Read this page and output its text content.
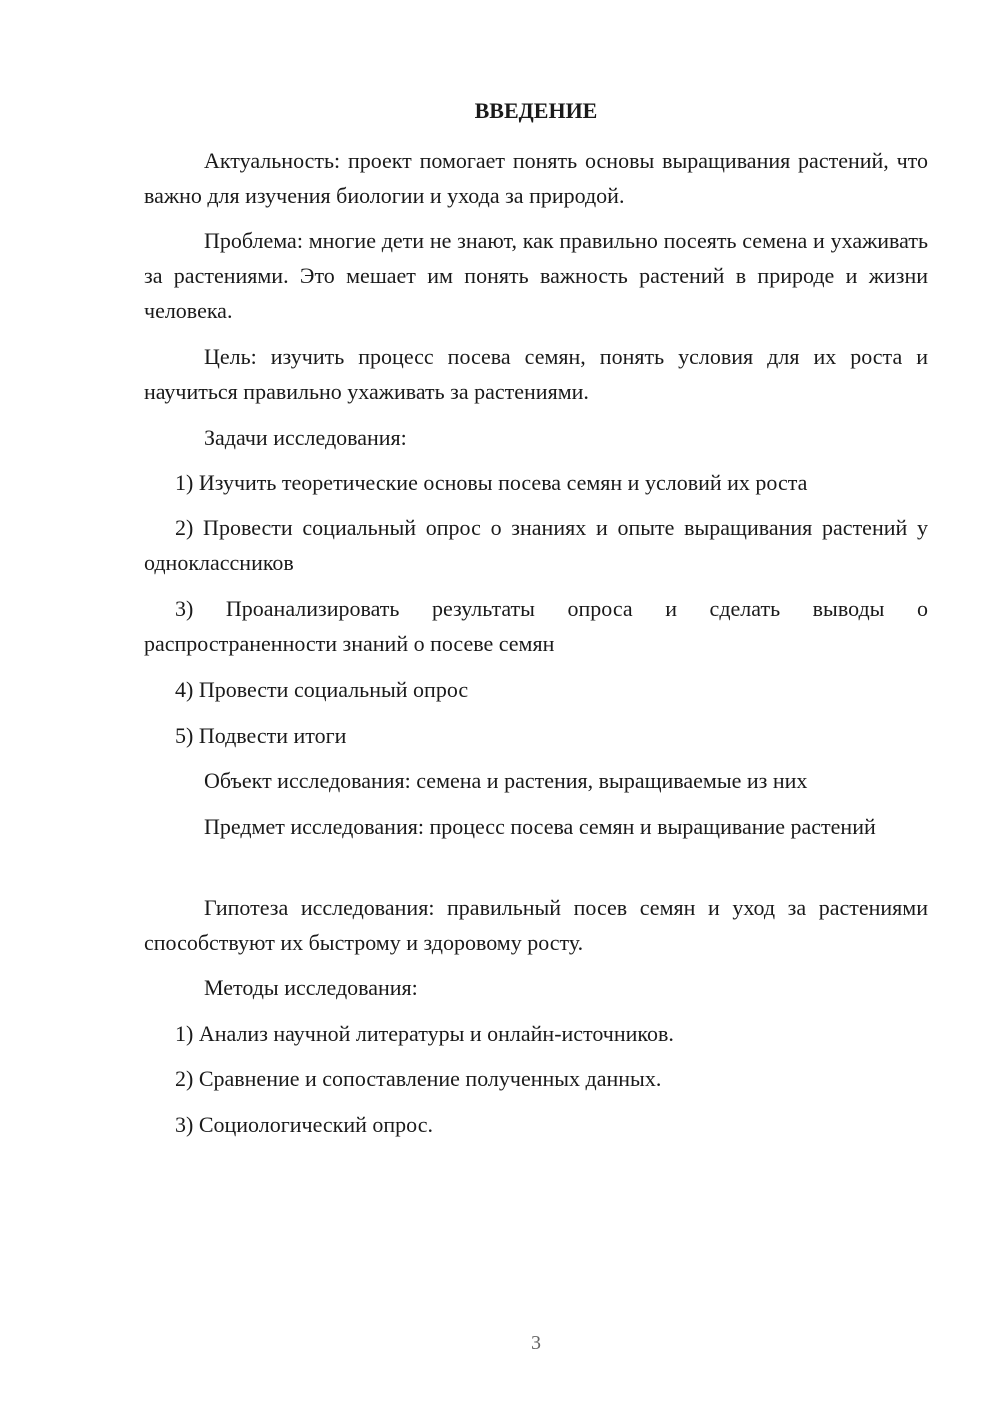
ВВЕДЕНИЕ

Актуальность: проект помогает понять основы выращивания растений, что важно для изучения биологии и ухода за природой.

Проблема: многие дети не знают, как правильно посеять семена и ухаживать за растениями. Это мешает им понять важность растений в природе и жизни человека.

Цель: изучить процесс посева семян, понять условия для их роста и научиться правильно ухаживать за растениями.

Задачи исследования:

1) Изучить теоретические основы посева семян и условий их роста

2) Провести социальный опрос о знаниях и опыте выращивания растений у одноклассников

3) Проанализировать результаты опроса и сделать выводы о распространенности знаний о посеве семян

4) Провести социальный опрос

5) Подвести итоги

Объект исследования: семена и растения, выращиваемые из них

Предмет исследования: процесс посева семян и выращивание растений

Гипотеза исследования: правильный посев семян и уход за растениями способствуют их быстрому и здоровому росту.

Методы исследования:

1) Анализ научной литературы и онлайн-источников.

2) Сравнение и сопоставление полученных данных.

3) Социологический опрос.

3
